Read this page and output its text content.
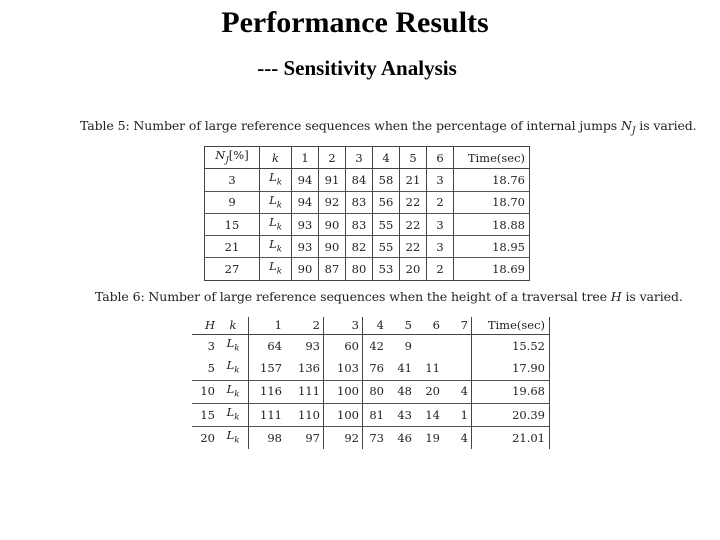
Performance Results
--- Sensitivity Analysis
Table 5: Number of large reference sequences when the percentage of internal jumps $N_J$ is varied.
$N_J[\%]$	k	1	2	3	4	5	6	Time(sec)
3	$L_k$	94	91	84	58	21	3	18.76
9	$L_k$	94	92	83	56	22	2	18.70
15	$L_k$	93	90	83	55	22	3	18.88
21	$L_k$	93	90	82	55	22	3	18.95
27	$L_k$	90	87	80	53	20	2	18.69
Table 6: Number of large reference sequences when the height of a traversal tree H is varied.
H	k	1	2	3	4	5	6	7	Time(sec)
3	$L_k$	64	93	60	42	9			15.52
5	$L_k$	157	136	103	76	41	11		17.90
10	$L_k$	116	111	100	80	48	20	4	19.68
15	$L_k$	111	110	100	81	43	14	1	20.39
20	$L_k$	98	97	92	73	46	19	4	21.01
